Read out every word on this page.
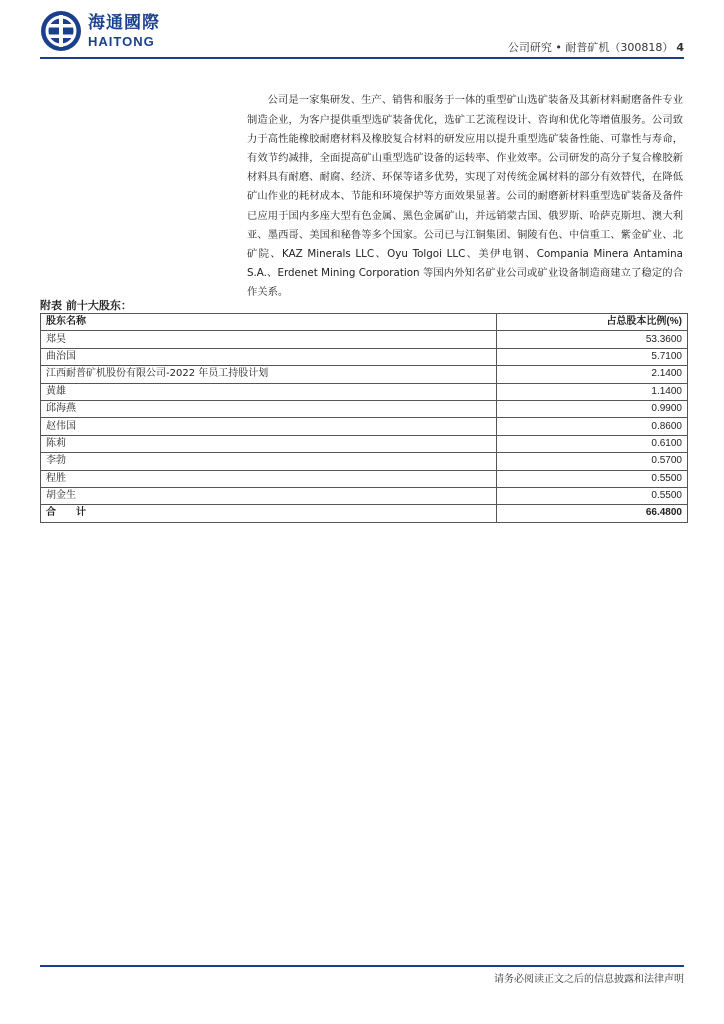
海通國際
HAITONG	公司研究 • 耐普矿机（300818） 4

公司是一家集研发、生产、销售和服务于一体的重型矿山选矿装备及其新材料耐磨备件专业制造企业，为客户提供重型选矿装备优化，选矿工艺流程设计、咨询和优化等增值服务。公司致力于高性能橡胶耐磨材料及橡胶复合材料的研发应用以提升重型选矿装备性能、可靠性与寿命，有效节约减排，全面提高矿山重型选矿设备的运转率、作业效率。公司研发的高分子复合橡胶新材料具有耐磨、耐腐、经济、环保等诸多优势，实现了对传统金属材料的部分有效替代，在降低矿山作业的耗材成本、节能和环境保护等方面效果显著。公司的耐磨新材料重型选矿装备及备件已应用于国内多座大型有色金属、黑色金属矿山，并远销蒙古国、俄罗斯、哈萨克斯坦、澳大利亚、墨西哥、美国和秘鲁等多个国家。公司已与江铜集团、铜陵有色、中信重工、紫金矿业、北矿院、KAZ Minerals LLC、Oyu Tolgoi LLC、美伊电钢、Compania Minera Antamina S.A.、Erdenet Mining Corporation 等国内外知名矿业公司或矿业设备制造商建立了稳定的合作关系。

附表 前十大股东：
股东名称	占总股本比例(%)
郑昊	53.3600
曲治国	5.7100
江西耐普矿机股份有限公司-2022 年员工持股计划	2.1400
黄雄	1.1400
邱海燕	0.9900
赵伟国	0.8600
陈莉	0.6100
李勃	0.5700
程胜	0.5500
胡金生	0.5500
合计	66.4800
请务必阅读正文之后的信息披露和法律声明
